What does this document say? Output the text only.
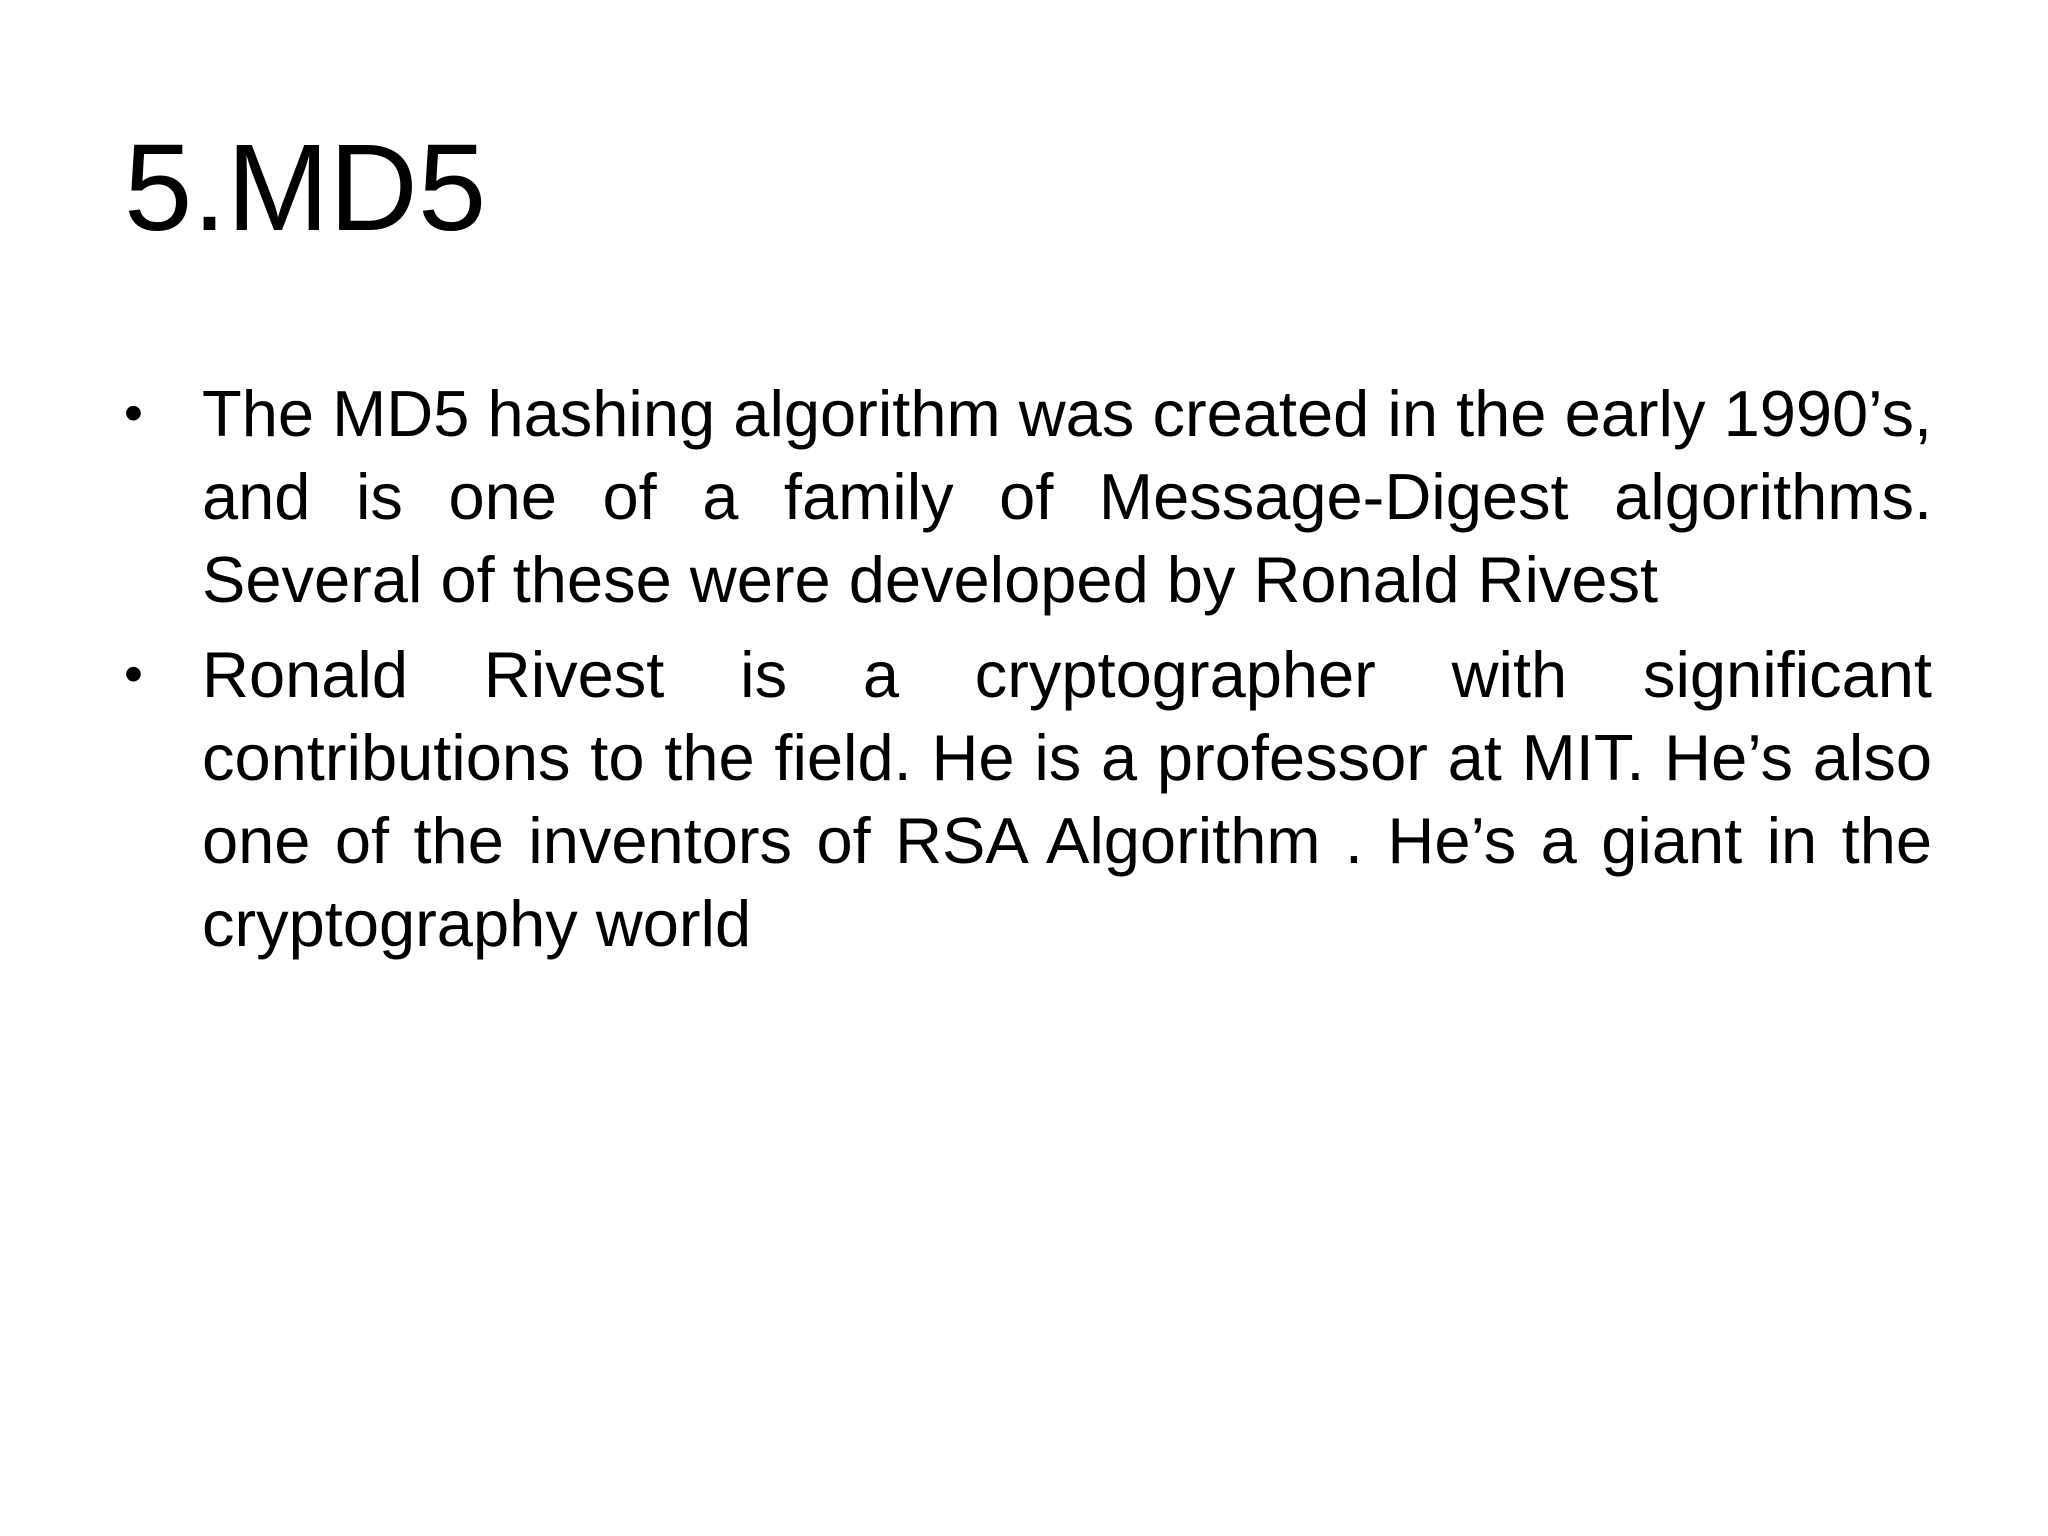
5.MD5
• The MD5 hashing algorithm was created in the early 1990’s, and is one of a family of Message-Digest algorithms. Several of these were developed by Ronald Rivest
• Ronald Rivest is a cryptographer with significant contributions to the field. He is a professor at MIT. He’s also one of the inventors of RSA Algorithm . He’s a giant in the cryptography world
